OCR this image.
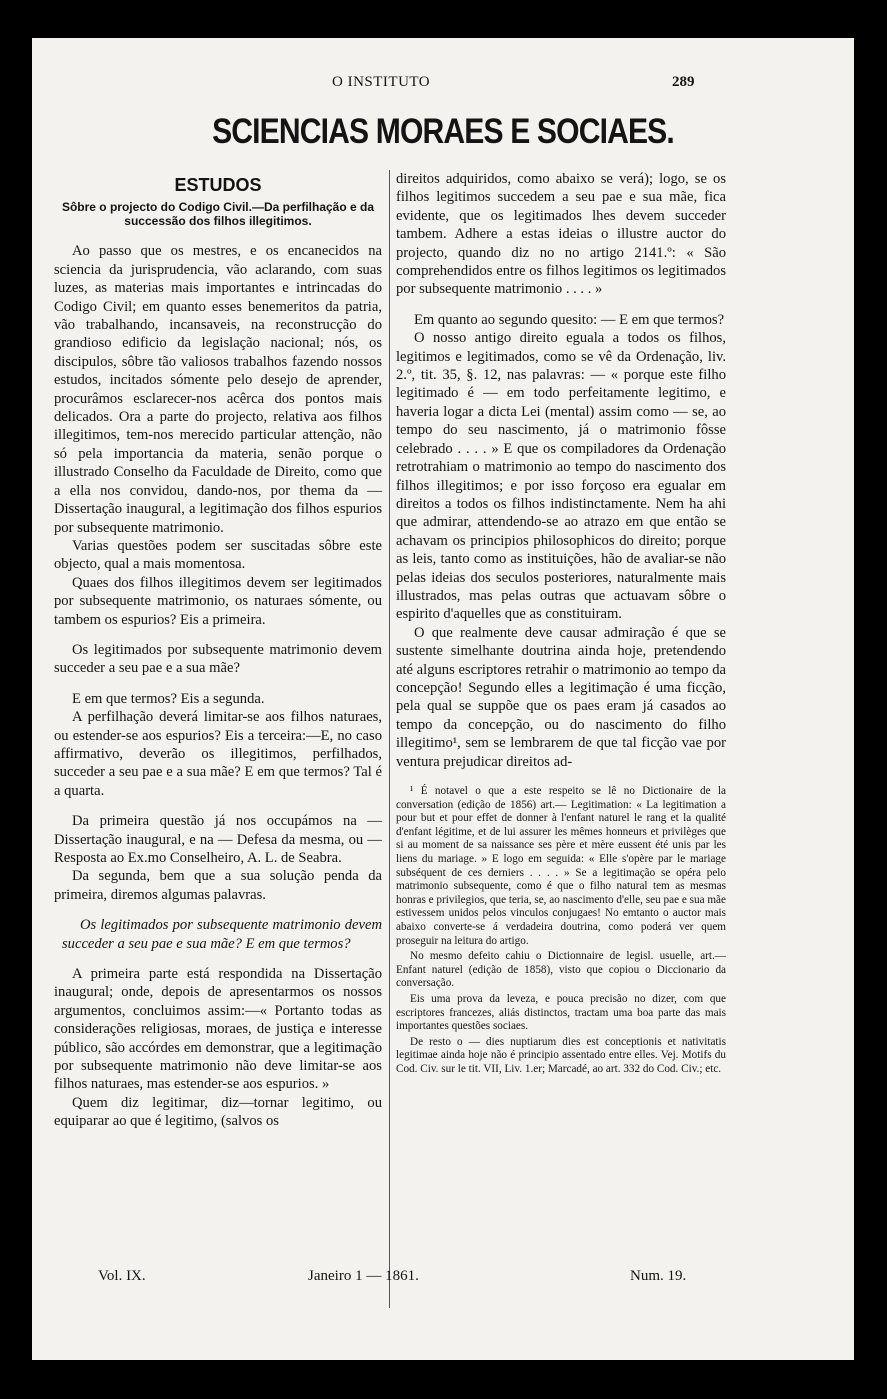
O INSTITUTO	289
SCIENCIAS MORAES E SOCIAES.
ESTUDOS
Sôbre o projecto do Codigo Civil.—Da perfilhação e da successão dos filhos illegitimos.

Ao passo que os mestres, e os encanecidos na sciencia da jurisprudencia, vão aclarando, com suas luzes, as materias mais importantes e intrincadas do Codigo Civil; em quanto esses benemeritos da patria, vão trabalhando, incansaveis, na reconstrucção do grandioso edificio da legislação nacional; nós, os discipulos, sôbre tão valiosos trabalhos fazendo nossos estudos, incitados sómente pelo desejo de aprender, procurâmos esclarecer-nos acêrca dos pontos mais delicados. Ora a parte do projecto, relativa aos filhos illegitimos, tem-nos merecido particular attenção, não só pela importancia da materia, senão porque o illustrado Conselho da Faculdade de Direito, como que a ella nos convidou, dando-nos, por thema da — Dissertação inaugural, a legitimação dos filhos espurios por subsequente matrimonio.

Varias questões podem ser suscitadas sôbre este objecto, qual a mais momentosa.

Quaes dos filhos illegitimos devem ser legitimados por subsequente matrimonio, os naturaes sómente, ou tambem os espurios? Eis a primeira.

Os legitimados por subsequente matrimonio devem succeder a seu pae e a sua mãe?

E em que termos? Eis a segunda.

A perfilhação deverá limitar-se aos filhos naturaes, ou estender-se aos espurios? Eis a terceira:—E, no caso affirmativo, deverão os illegitimos, perfilhados, succeder a seu pae e a sua mãe? E em que termos? Tal é a quarta.

Da primeira questão já nos occupámos na — Dissertação inaugural, e na — Defesa da mesma, ou — Resposta ao Ex.mo Conselheiro, A. L. de Seabra.

Da segunda, bem que a sua solução penda da primeira, diremos algumas palavras.

Os legitimados por subsequente matrimonio devem succeder a seu pae e sua mãe? E em que termos?

A primeira parte está respondida na Dissertação inaugural; onde, depois de apresentarmos os nossos argumentos, concluimos assim:—« Portanto todas as considerações religiosas, moraes, de justiça e interesse público, são accórdes em demonstrar, que a legitimação por subsequente matrimonio não deve limitar-se aos filhos naturaes, mas estender-se aos espurios. »

Quem diz legitimar, diz—tornar legitimo, ou equiparar ao que é legitimo, (salvos os

direitos adquiridos, como abaixo se verá); logo, se os filhos legitimos succedem a seu pae e sua mãe, fica evidente, que os legitimados lhes devem succeder tambem. Adhere a estas ideias o illustre auctor do projecto, quando diz no no artigo 2141.º: « São comprehendidos entre os filhos legitimos os legitimados por subsequente matrimonio . . . . »

Em quanto ao segundo quesito: — E em que termos?

O nosso antigo direito eguala a todos os filhos, legitimos e legitimados, como se vê da Ordenação, liv. 2.º, tit. 35, §. 12, nas palavras: — « porque este filho legitimado é — em todo perfeitamente legitimo, e haveria logar a dicta Lei (mental) assim como — se, ao tempo do seu nascimento, já o matrimonio fôsse celebrado . . . . » E que os compiladores da Ordenação retrotrahiam o matrimonio ao tempo do nascimento dos filhos illegitimos; e por isso forçoso era egualar em direitos a todos os filhos indistinctamente. Nem ha ahi que admirar, attendendo-se ao atrazo em que então se achavam os principios philosophicos do direito; porque as leis, tanto como as instituições, hão de avaliar-se não pelas ideias dos seculos posteriores, naturalmente mais illustrados, mas pelas outras que actuavam sôbre o espirito d'aquelles que as constituiram.

O que realmente deve causar admiração é que se sustente simelhante doutrina ainda hoje, pretendendo até alguns escriptores retrahir o matrimonio ao tempo da concepção! Segundo elles a legitimação é uma ficção, pela qual se suppõe que os paes eram já casados ao tempo da concepção, ou do nascimento do filho illegitimo¹, sem se lembrarem de que tal ficção vae por ventura prejudicar direitos ad-

¹ É notavel o que a este respeito se lê no Dictionaire de la conversation (edição de 1856) art.— Legitimation: « La legitimation a pour but et pour effet de donner à l'enfant naturel le rang et la qualité d'enfant légitime, et de lui assurer les mêmes honneurs et privilèges que si au moment de sa naissance ses père et mère eussent été unis par les liens du mariage. » E logo em seguida: « Elle s'opère par le mariage subséquent de ces derniers . . . . » Se a legitimação se opéra pelo matrimonio subsequente, como é que o filho natural tem as mesmas honras e privilegios, que teria, se, ao nascimento d'elle, seu pae e sua mãe estivessem unidos pelos vinculos conjugaes! No emtanto o auctor mais abaixo converte-se á verdadeira doutrina, como poderá ver quem proseguir na leitura do artigo.

No mesmo defeito cahiu o Dictionnaire de legisl. usuelle, art.— Enfant naturel (edição de 1858), visto que copiou o Diccionario da conversação.

Eis uma prova da leveza, e pouca precisão no dizer, com que escriptores francezes, aliás distinctos, tractam uma boa parte das mais importantes questões sociaes.

De resto o — dies nuptiarum dies est conceptionis et nativitatis legitimae ainda hoje não é principio assentado entre elles. Vej. Motifs du Cod. Civ. sur le tit. VII, Liv. 1.er; Marcadé, ao art. 332 do Cod. Civ.; etc.

Vol. IX.	Janeiro 1 — 1861.	Num. 19.
